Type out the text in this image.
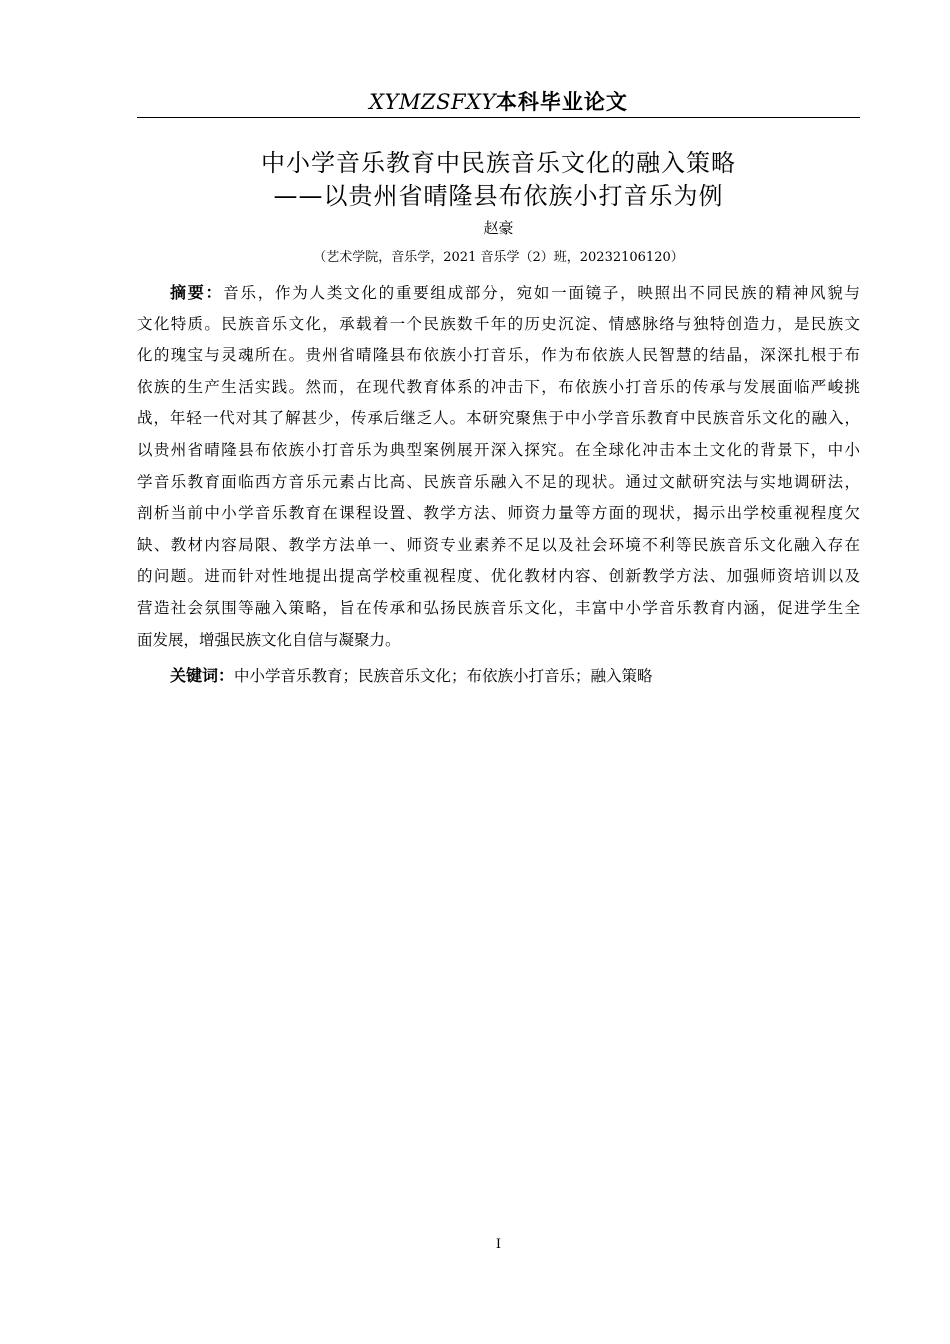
XYMZSFXY本科毕业论文
中小学音乐教育中民族音乐文化的融入策略
——以贵州省晴隆县布依族小打音乐为例
赵豪
（艺术学院，音乐学，2021 音乐学（2）班，20232106120）
摘要：音乐，作为人类文化的重要组成部分，宛如一面镜子，映照出不同民族的精神风貌与
文化特质。民族音乐文化，承载着一个民族数千年的历史沉淀、情感脉络与独特创造力，是民族文
化的瑰宝与灵魂所在。贵州省晴隆县布依族小打音乐，作为布依族人民智慧的结晶，深深扎根于布
依族的生产生活实践。然而，在现代教育体系的冲击下，布依族小打音乐的传承与发展面临严峻挑
战，年轻一代对其了解甚少，传承后继乏人。本研究聚焦于中小学音乐教育中民族音乐文化的融入，
以贵州省晴隆县布依族小打音乐为典型案例展开深入探究。在全球化冲击本土文化的背景下，中小
学音乐教育面临西方音乐元素占比高、民族音乐融入不足的现状。通过文献研究法与实地调研法，
剖析当前中小学音乐教育在课程设置、教学方法、师资力量等方面的现状，揭示出学校重视程度欠
缺、教材内容局限、教学方法单一、师资专业素养不足以及社会环境不利等民族音乐文化融入存在
的问题。进而针对性地提出提高学校重视程度、优化教材内容、创新教学方法、加强师资培训以及
营造社会氛围等融入策略，旨在传承和弘扬民族音乐文化，丰富中小学音乐教育内涵，促进学生全
面发展，增强民族文化自信与凝聚力。
关键词：中小学音乐教育；民族音乐文化；布依族小打音乐；融入策略
I
